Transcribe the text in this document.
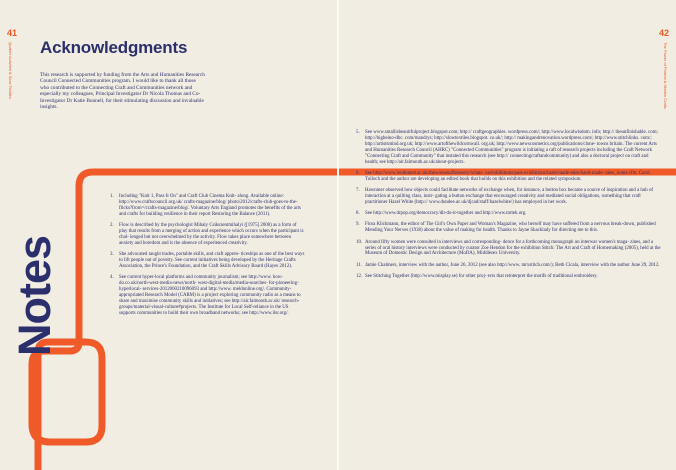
41
Quaker Activism & Slow Textiles Acknowledgments

This research is supported by funding from the Arts and Humanities Research Council Connected Communities program. I would like to thank all those who contributed to the Connecting Craft and Communities network and especially my colleagues, Principal Investigator Dr Nicola Thomas and Co-Investigator Dr Katie Bunnell, for their stimulating discussion and invaluable insights.

Notes
1.	Including "Knit 1, Pass It On" and Craft Club Cinema Knit- along. Available online: http://www.craftscouncil.org.uk/ crafts-magazine/blog/ photo/2012/crafts-club-goes-to-the- flicks?from=/crafts-magazine/blog/. Voluntary Arts England promotes the benefits of the arts and crafts for building resilience in their report Restoring the Balance (2011).
2.	Flow is described by the psychologist Mihaly Csikszentmihalyi ([1975] 2000) as a form of play that results from a merging of action and experience which occurs when the participant is chal- lenged but not overwhelmed by the activity. Flow takes place somewhere between anxiety and boredom and is the absence of experienced creativity.
3.	She advocated taught trades, portable skills, and craft appren- ticeships as one of the best ways to lift people out of poverty. See current initiatives being developed by the Heritage Crafts Association, the Prince's Foundation, and the Craft Skills Advisory Board (Hayes 2012).
4.	See current hyper-local platforms and community journalism; see http://www. how-do.co.uk/north-west-media-news/north- west-digital-media/media-searches- for-pioneering-hyperlocal- services-2012060210096093 and http://www. meldonline.org/. Community-appropriated Research Model (CARM) is a project exploring community radio as a means to share and maximise community skills and initiatives; see http://air.falmouth.ac.uk/ research-groups/material-visual-culture#projects. The Institute for Local Self-reliance in the US supports communities to build their own broadband networks; see http://www.ilsr.org/.
42
The Power of Protest & Hidden Crafts
5.	See www.smallisbeautifulproject.blogspot.com; http:// craftgeographies. wordpress.com/; http://www.localwisdom. info; http:// theunfinishable. com; http://bigbeino-dbc. com/mandrys; http://slowtextiles.blogspot. co.uk/; http:// makingandrenovation.wordpress.com/; http://www.stitchlinks. com/; http://artistsmind.org.uk; http://www.artofthewildcornwall. org.uk; http://www.newscosmetics.org/publications/clone- towns britain. The current Arts and Humanities Research Council (AHRC) "Connected Communities" program is initiating a raft of research projects including the Craft Network "Connecting Craft and Community" that instated this research (see http:// connectingcraftandcommunity) and also a doctoral project on craft and health; see http://air.falmouth.ac.uk/about-projects.
6.	See http://www.londonnet.ac.uk/thewomenofbrewery/whats- on/exhibitions/past-exhibitions/hand-made-tales/hand-made- tales_home.cfm. Carol Tulloch and the author are developing an edited book that builds on this exhibition and the related symposium.
7.	Hawnmer observed how objects could facilitate networks of exchange when, for instance, a button box became a source of inspiration and a hub of interaction at a quilting class, instr- gating a button exchange that encouraged creativity and mediated social obligations, something that craft practitioner Hazel White (http:// www.dundee.ac.uk/djcad/staff/hazelwhite/) has employed in her work.
8.	See http://www.drpop.org/democracy/dit-do-it-together and http://www.mrtek.org.
9.	Flora Klickmann, the editor of The Girl's Own Paper and Woman's Magazine, who herself may have suffered from a nervous break-down, published Mending Your Nerves (1938) about the value of making for health. Thanks to Jayne Shacklady for directing me to this.
10. Around fifty women were consulted in interviews and corresponding- dence for a forthcoming monograph on interwar women's maga- zines, and a series of oral history interviews were conducted by curator Zoe Hendon for the exhibition Stitch: The Art and Craft of Homemaking (2005), held at the Museum of Domestic Design and Architecture (MoDA), Middlesex University.
11. Jamie Chalmers, interview with the author, June 26, 2012 (see also http://www. mrxstitch.com/); Beth Cicala, interview with the author June 29, 2012.
12. See Stitching Together (http://www.misplay.se) for other proj- ects that reinterpret the motifs of traditional embroidery.
